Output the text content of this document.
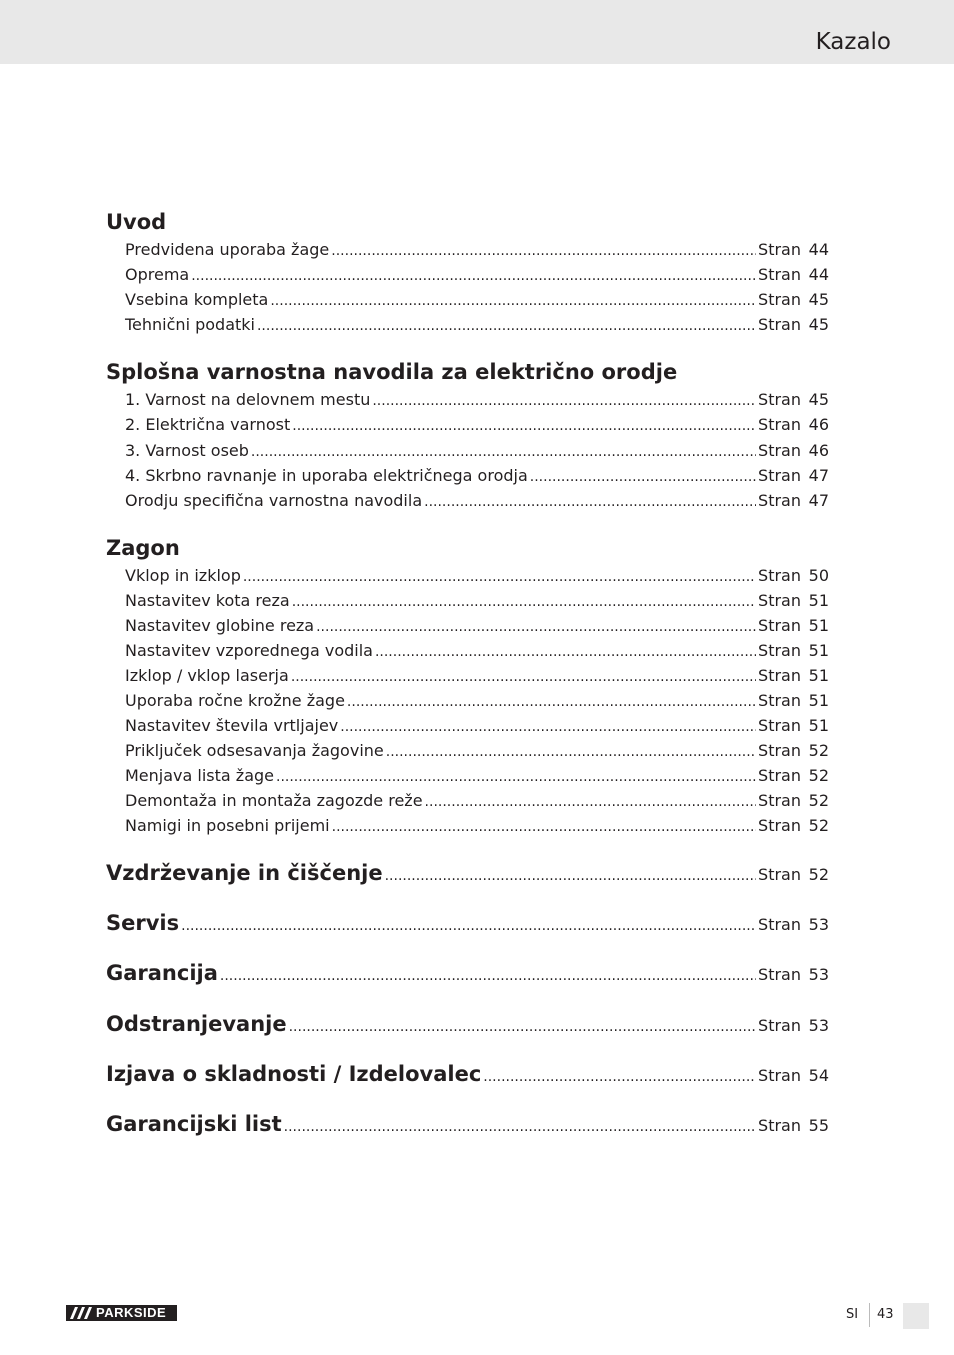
Kazalo
Uvod
Predvidena uporaba žage .....	Stran 44
Oprema .....	Stran 44
Vsebina kompleta .....	Stran 45
Tehnični podatki .....	Stran 45
Splošna varnostna navodila za električno orodje
1. Varnost na delovnem mestu .....	Stran 45
2. Električna varnost .....	Stran 46
3. Varnost oseb .....	Stran 46
4. Skrbno ravnanje in uporaba električnega orodja .....	Stran 47
Orodju specifična varnostna navodila .....	Stran 47
Zagon
Vklop in izklop .....	Stran 50
Nastavitev kota reza .....	Stran 51
Nastavitev globine reza .....	Stran 51
Nastavitev vzporednega vodila .....	Stran 51
Izklop / vklop laserja .....	Stran 51
Uporaba ročne krožne žage .....	Stran 51
Nastavitev števila vrtljajev .....	Stran 51
Priključek odsesavanja žagovine .....	Stran 52
Menjava lista žage .....	Stran 52
Demontaža in montaža zagozde reže .....	Stran 52
Namigi in posebni prijemi .....	Stran 52
Vzdrževanje in čiščenje .....	Stran 52
Servis .....	Stran 53
Garancija .....	Stran 53
Odstranjevanje .....	Stran 53
Izjava o skladnosti / Izdelovalec .....	Stran 54
Garancijski list .....	Stran 55
PARKSIDE	SI 43
